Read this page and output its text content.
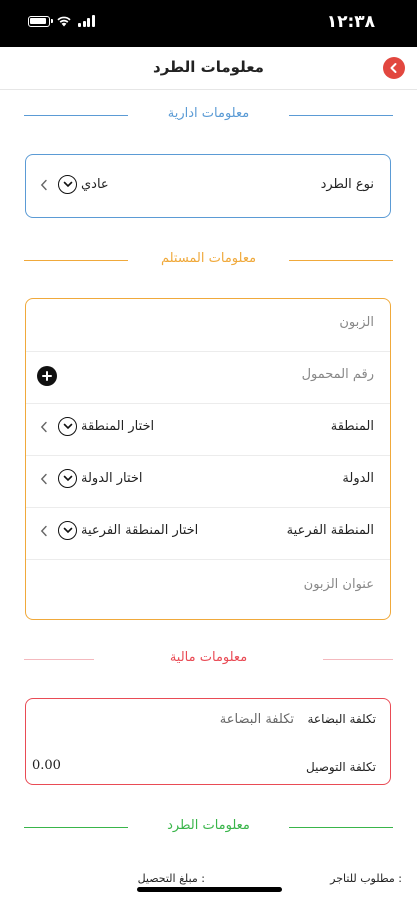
١٢:٣٨
معلومات الطرد
معلومات ادارية
نوع الطرد
عادي
معلومات المستلم
الزبون
رقم المحمول
المنطقة
اختار المنطقة
الدولة
اختار الدولة
المنطقة الفرعية
اختار المنطقة الفرعية
عنوان الزبون
معلومات مالية
تكلفة البضاعة
تكلفة البضاعة
تكلفة التوصيل
0.00
معلومات الطرد
مطلوب للتاجر :
مبلغ التحصيل :
